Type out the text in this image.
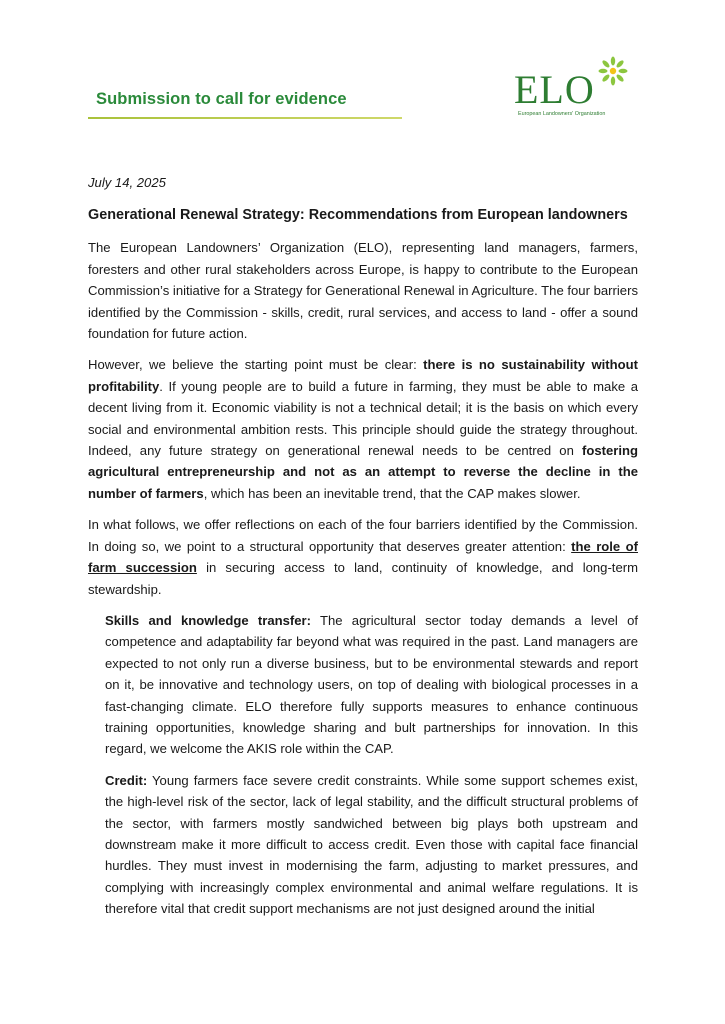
Submission to call for evidence	ELO

European Landowners' Organization

July 14, 2025

Generational Renewal Strategy: Recommendations from European landowners

The European Landowners’ Organization (ELO), representing land managers, farmers, foresters and other rural stakeholders across Europe, is happy to contribute to the European Commission’s initiative for a Strategy for Generational Renewal in Agriculture. The four barriers identified by the Commission - skills, credit, rural services, and access to land - offer a sound foundation for future action.

However, we believe the starting point must be clear: there is no sustainability without profitability. If young people are to build a future in farming, they must be able to make a decent living from it. Economic viability is not a technical detail; it is the basis on which every social and environmental ambition rests. This principle should guide the strategy throughout. Indeed, any future strategy on generational renewal needs to be centred on fostering agricultural entrepreneurship and not as an attempt to reverse the decline in the number of farmers, which has been an inevitable trend, that the CAP makes slower.

In what follows, we offer reflections on each of the four barriers identified by the Commission. In doing so, we point to a structural opportunity that deserves greater attention: the role of farm succession in securing access to land, continuity of knowledge, and long-term stewardship.

Skills and knowledge transfer: The agricultural sector today demands a level of competence and adaptability far beyond what was required in the past. Land managers are expected to not only run a diverse business, but to be environmental stewards and report on it, be innovative and technology users, on top of dealing with biological processes in a fast-changing climate. ELO therefore fully supports measures to enhance continuous training opportunities, knowledge sharing and bult partnerships for innovation. In this regard, we welcome the AKIS role within the CAP.

Credit: Young farmers face severe credit constraints. While some support schemes exist, the high-level risk of the sector, lack of legal stability, and the difficult structural problems of the sector, with farmers mostly sandwiched between big plays both upstream and downstream make it more difficult to access credit. Even those with capital face financial hurdles. They must invest in modernising the farm, adjusting to market pressures, and complying with increasingly complex environmental and animal welfare regulations. It is therefore vital that credit support mechanisms are not just designed around the initial
